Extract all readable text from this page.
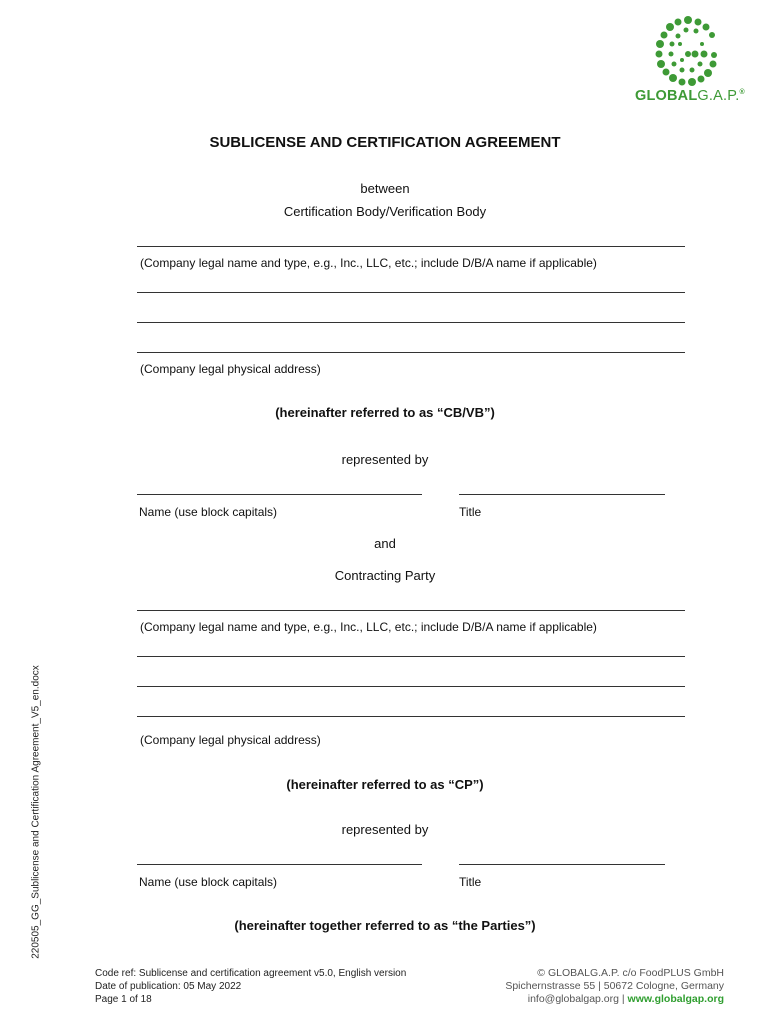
GLOBALG.A.P.®
SUBLICENSE AND CERTIFICATION AGREEMENT
between
Certification Body/Verification Body
(Company legal name and type, e.g., Inc., LLC, etc.; include D/B/A name if applicable)
(Company legal physical address)
(hereinafter referred to as “CB/VB”)
represented by
Name (use block capitals)	Title
and
Contracting Party
(Company legal name and type, e.g., Inc., LLC, etc.; include D/B/A name if applicable)
(Company legal physical address)
(hereinafter referred to as “CP”)
represented by
Name (use block capitals)	Title
(hereinafter together referred to as “the Parties”)
220505_GG_Sublicense and Certification Agreement_V5_en.docx
Code ref: Sublicense and certification agreement v5.0, English version
Date of publication: 05 May 2022
Page 1 of 18
© GLOBALG.A.P. c/o FoodPLUS GmbH
Spichernstrasse 55 | 50672 Cologne, Germany
info@globalgap.org | www.globalgap.org
